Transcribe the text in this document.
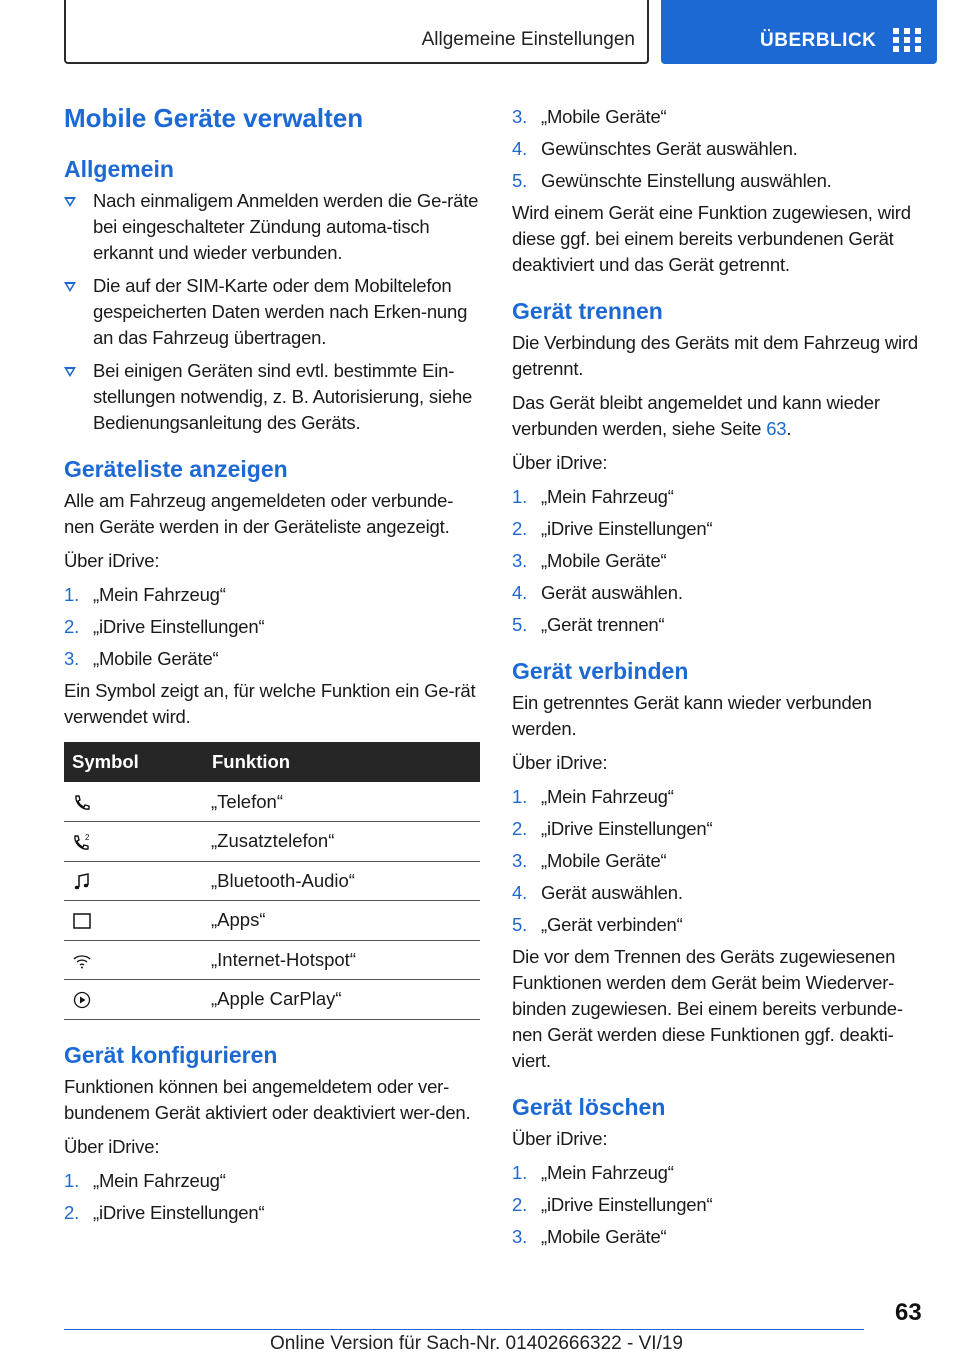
Allgemeine Einstellungen	ÜBERBLICK
Mobile Geräte verwalten
Allgemein
Nach einmaligem Anmelden werden die Ge‐räte bei eingeschalteter Zündung automa‐tisch erkannt und wieder verbunden.
Die auf der SIM-Karte oder dem Mobiltelefon gespeicherten Daten werden nach Erken‐nung an das Fahrzeug übertragen.
Bei einigen Geräten sind evtl. bestimmte Ein‐stellungen notwendig, z. B. Autorisierung, siehe Bedienungsanleitung des Geräts.
Geräteliste anzeigen

Alle am Fahrzeug angemeldeten oder verbunde‐nen Geräte werden in der Geräteliste angezeigt.

Über iDrive:

1. „Mein Fahrzeug“
2. „iDrive Einstellungen“
3. „Mobile Geräte“

Ein Symbol zeigt an, für welche Funktion ein Ge‐rät verwendet wird.

Symbol	Funktion
	„Telefon“

2	„Zusatztelefon“
	„Bluetooth-Audio“
	„Apps“
	„Internet-Hotspot“
	„Apple CarPlay“
Gerät konfigurieren

Funktionen können bei angemeldetem oder ver‐bundenem Gerät aktiviert oder deaktiviert wer‐den.

Über iDrive:

1. „Mein Fahrzeug“
2. „iDrive Einstellungen“
3. „Mobile Geräte“
4. Gewünschtes Gerät auswählen.
5. Gewünschte Einstellung auswählen.

Wird einem Gerät eine Funktion zugewiesen, wird diese ggf. bei einem bereits verbundenen Gerät deaktiviert und das Gerät getrennt.

Gerät trennen

Die Verbindung des Geräts mit dem Fahrzeug wird getrennt.

Das Gerät bleibt angemeldet und kann wieder verbunden werden, siehe Seite 63.

Über iDrive:

1. „Mein Fahrzeug“
2. „iDrive Einstellungen“
3. „Mobile Geräte“
4. Gerät auswählen.
5. „Gerät trennen“
Gerät verbinden

Ein getrenntes Gerät kann wieder verbunden werden.

Über iDrive:

1. „Mein Fahrzeug“
2. „iDrive Einstellungen“
3. „Mobile Geräte“
4. Gerät auswählen.
5. „Gerät verbinden“

Die vor dem Trennen des Geräts zugewiesenen Funktionen werden dem Gerät beim Wiederver‐binden zugewiesen. Bei einem bereits verbunde‐nen Gerät werden diese Funktionen ggf. deakti‐viert.

Gerät löschen

Über iDrive:

1. „Mein Fahrzeug“
2. „iDrive Einstellungen“
3. „Mobile Geräte“
63
Online Version für Sach-Nr. 01402666322 - VI/19
